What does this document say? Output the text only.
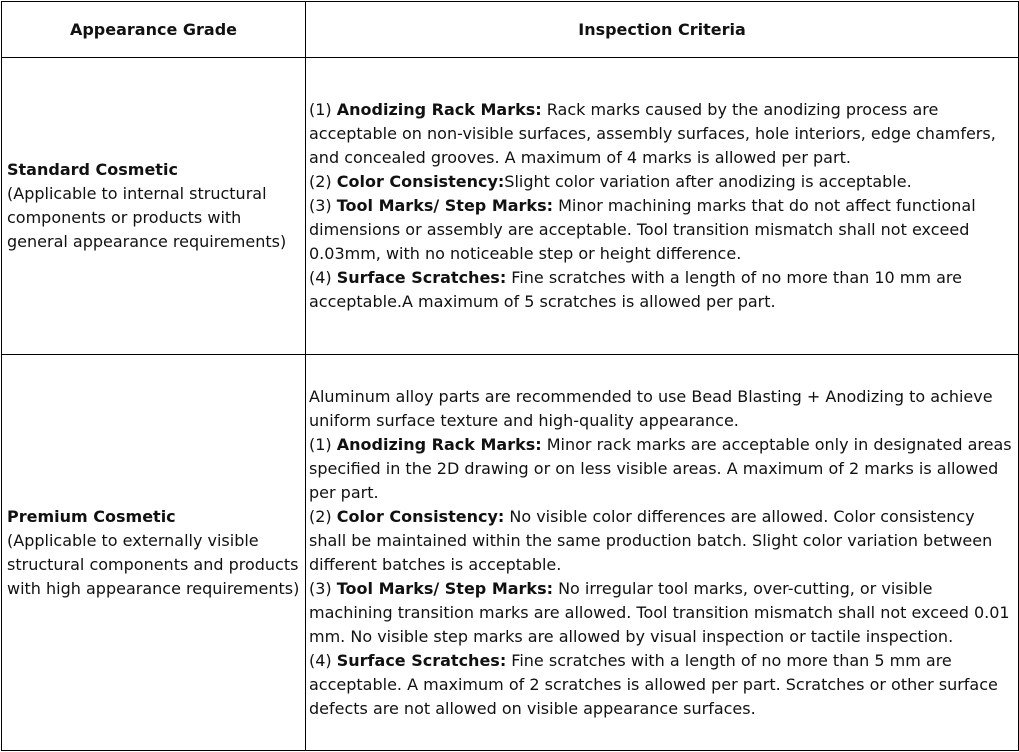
Appearance Grade	Inspection Criteria

Standard Cosmetic
(Applicable to internal structural components or products with general appearance requirements)	(1) Anodizing Rack Marks: Rack marks caused by the anodizing process are acceptable on non-visible surfaces, assembly surfaces, hole interiors, edge chamfers, and concealed grooves. A maximum of 4 marks is allowed per part.
(2) Color Consistency:Slight color variation after anodizing is acceptable.
(3) Tool Marks/ Step Marks: Minor machining marks that do not affect functional dimensions or assembly are acceptable. Tool transition mismatch shall not exceed 0.03mm, with no noticeable step or height difference.
(4) Surface Scratches: Fine scratches with a length of no more than 10 mm are acceptable.A maximum of 5 scratches is allowed per part.

Premium Cosmetic
(Applicable to externally visible structural components and products with high appearance requirements)	Aluminum alloy parts are recommended to use Bead Blasting + Anodizing to achieve uniform surface texture and high-quality appearance.
(1) Anodizing Rack Marks: Minor rack marks are acceptable only in designated areas specified in the 2D drawing or on less visible areas. A maximum of 2 marks is allowed per part.
(2) Color Consistency: No visible color differences are allowed. Color consistency shall be maintained within the same production batch. Slight color variation between different batches is acceptable.
(3) Tool Marks/ Step Marks: No irregular tool marks, over-cutting, or visible machining transition marks are allowed. Tool transition mismatch shall not exceed 0.01 mm. No visible step marks are allowed by visual inspection or tactile inspection.
(4) Surface Scratches: Fine scratches with a length of no more than 5 mm are acceptable. A maximum of 2 scratches is allowed per part. Scratches or other surface defects are not allowed on visible appearance surfaces.
